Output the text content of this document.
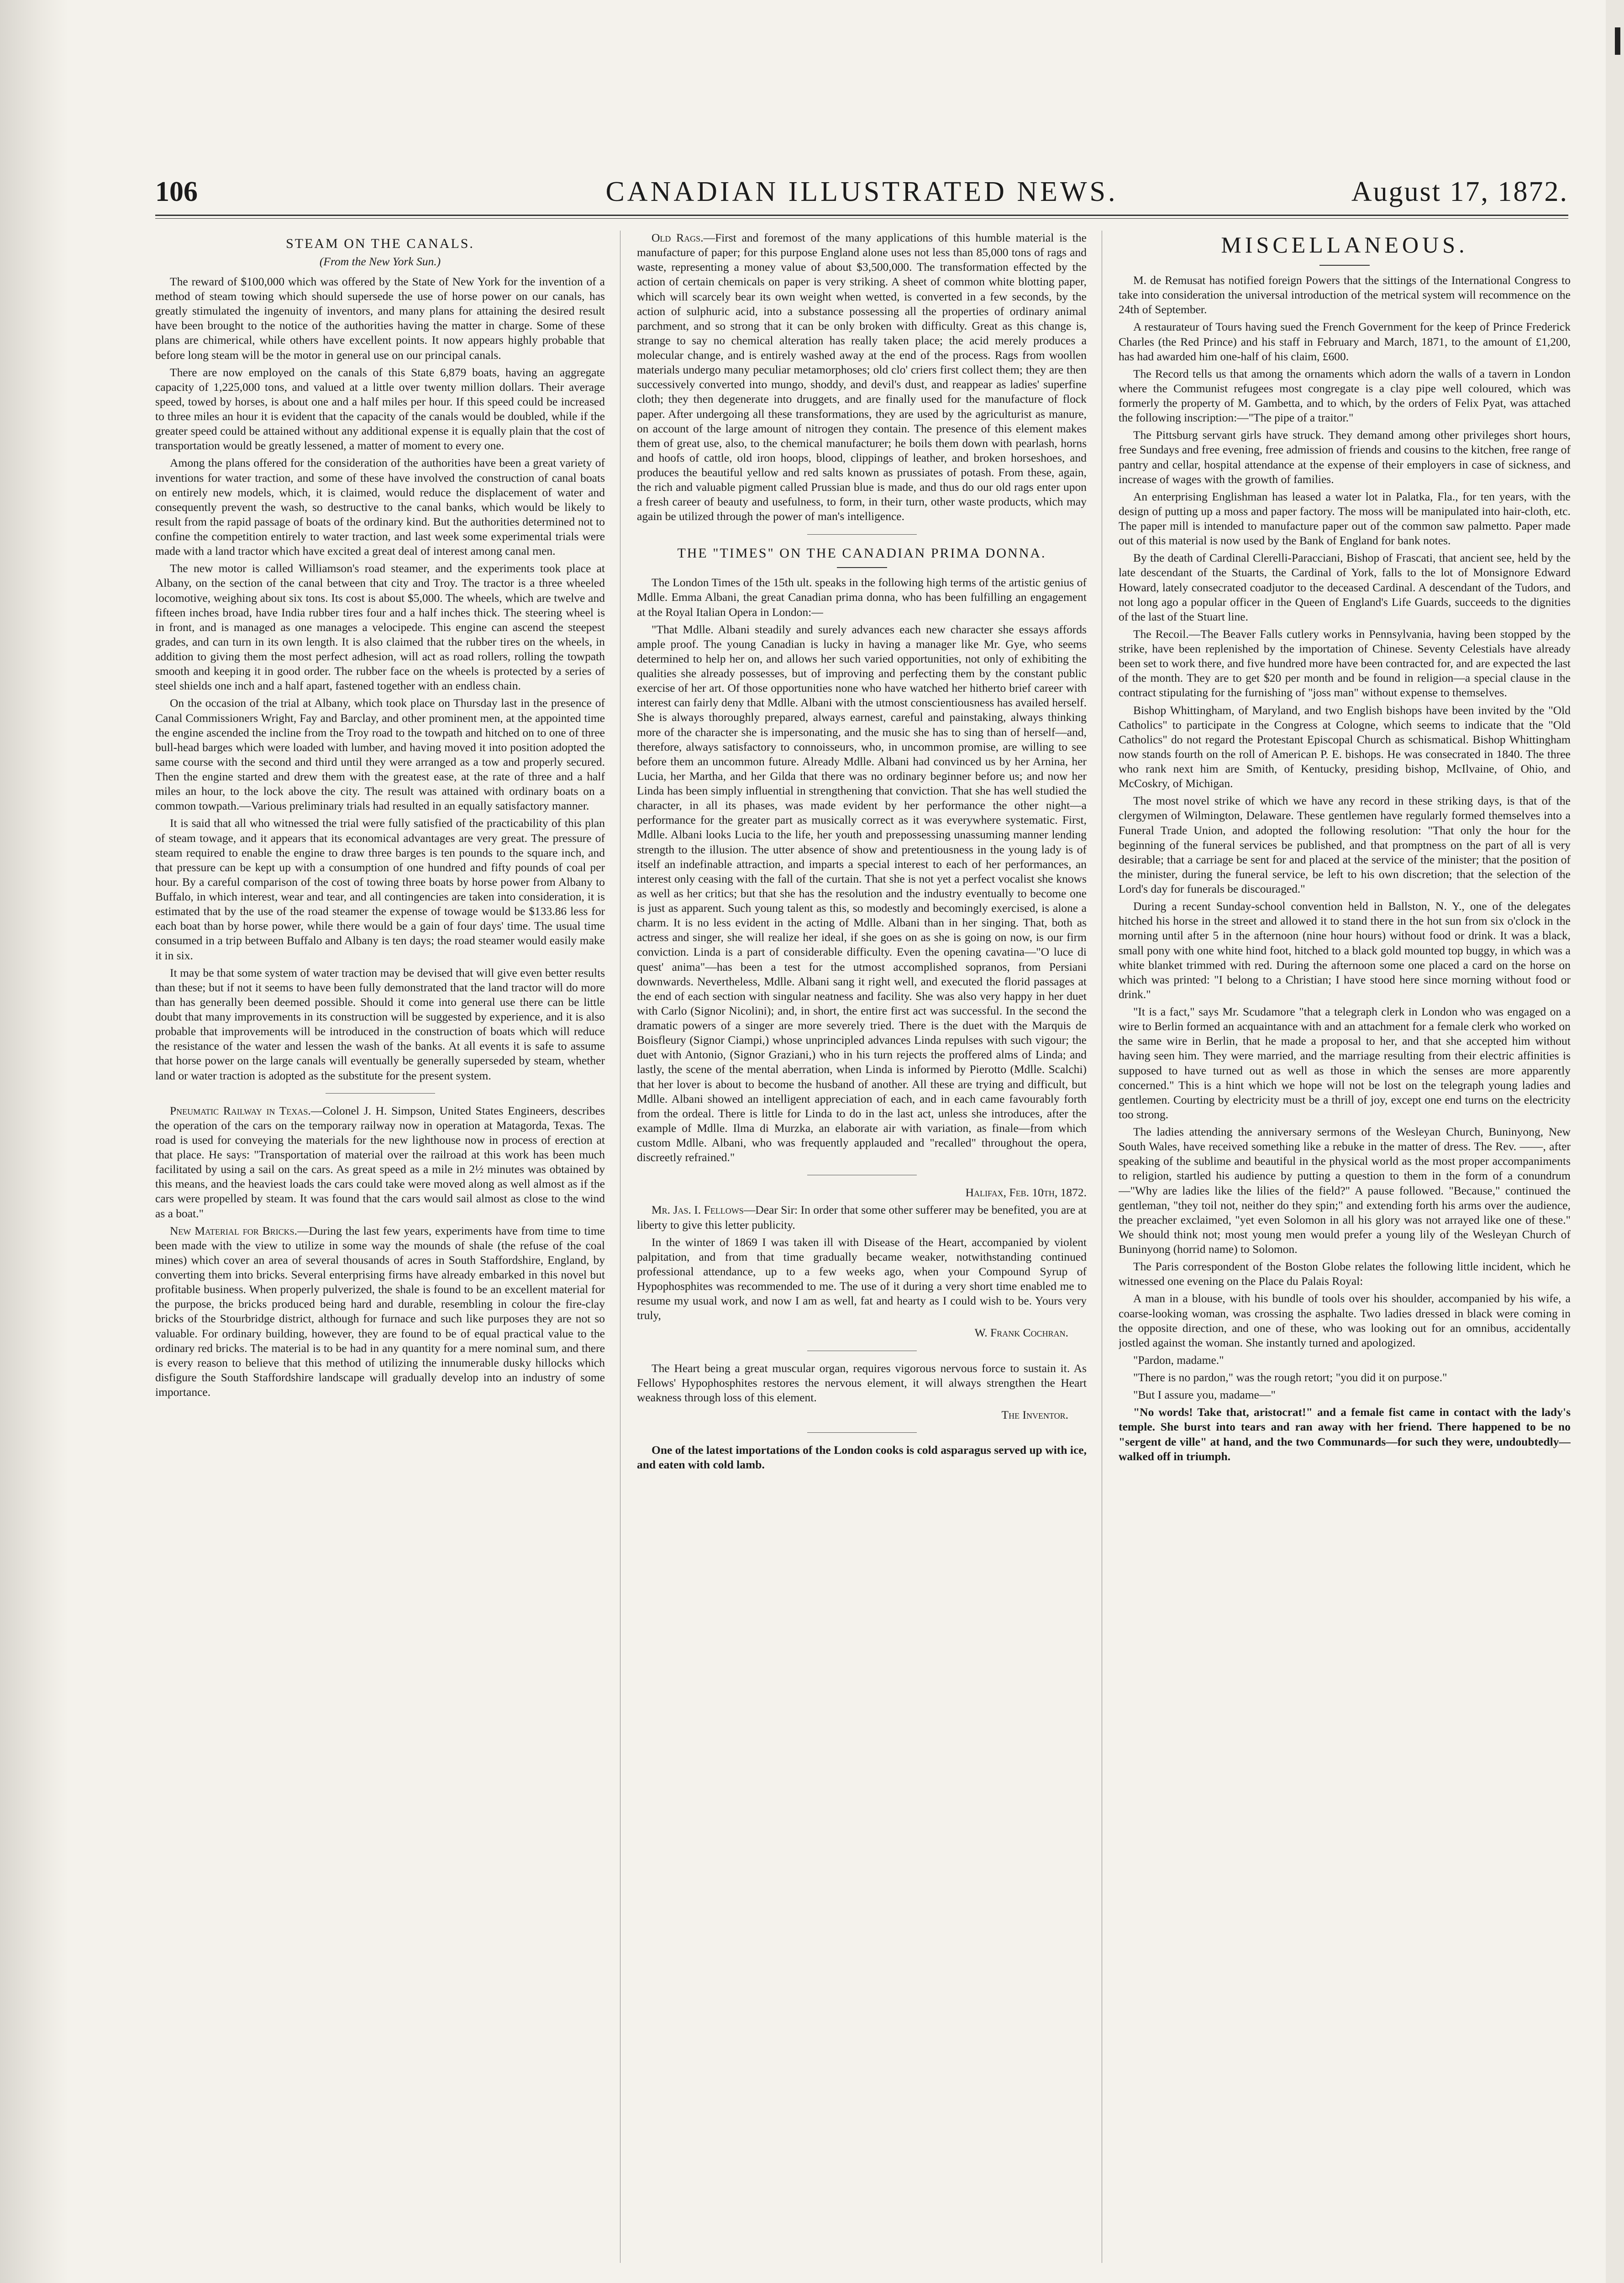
106	CANADIAN ILLUSTRATED NEWS.	August 17, 1872.

STEAM ON THE CANALS.

(From the New York Sun.)

The reward of $100,000 which was offered by the State of New York for the invention of a method of steam towing which should supersede the use of horse power on our canals, has greatly stimulated the ingenuity of inventors, and many plans for attaining the desired result have been brought to the notice of the authorities having the matter in charge. Some of these plans are chimerical, while others have excellent points. It now appears highly probable that before long steam will be the motor in general use on our principal canals.

There are now employed on the canals of this State 6,879 boats, having an aggregate capacity of 1,225,000 tons, and valued at a little over twenty million dollars. Their average speed, towed by horses, is about one and a half miles per hour. If this speed could be increased to three miles an hour it is evident that the capacity of the canals would be doubled, while if the greater speed could be attained without any additional expense it is equally plain that the cost of transportation would be greatly lessened, a matter of moment to every one.

Among the plans offered for the consideration of the authorities have been a great variety of inventions for water traction, and some of these have involved the construction of canal boats on entirely new models, which, it is claimed, would reduce the displacement of water and consequently prevent the wash, so destructive to the canal banks, which would be likely to result from the rapid passage of boats of the ordinary kind. But the authorities determined not to confine the competition entirely to water traction, and last week some experimental trials were made with a land tractor which have excited a great deal of interest among canal men.

The new motor is called Williamson's road steamer, and the experiments took place at Albany, on the section of the canal between that city and Troy. The tractor is a three wheeled locomotive, weighing about six tons. Its cost is about $5,000. The wheels, which are twelve and fifteen inches broad, have India rubber tires four and a half inches thick. The steering wheel is in front, and is managed as one manages a velocipede. This engine can ascend the steepest grades, and can turn in its own length. It is also claimed that the rubber tires on the wheels, in addition to giving them the most perfect adhesion, will act as road rollers, rolling the towpath smooth and keeping it in good order. The rubber face on the wheels is protected by a series of steel shields one inch and a half apart, fastened together with an endless chain.

On the occasion of the trial at Albany, which took place on Thursday last in the presence of Canal Commissioners Wright, Fay and Barclay, and other prominent men, at the appointed time the engine ascended the incline from the Troy road to the towpath and hitched on to one of three bull-head barges which were loaded with lumber, and having moved it into position adopted the same course with the second and third until they were arranged as a tow and properly secured. Then the engine started and drew them with the greatest ease, at the rate of three and a half miles an hour, to the lock above the city. The result was attained with ordinary boats on a common towpath.—Various preliminary trials had resulted in an equally satisfactory manner.

It is said that all who witnessed the trial were fully satisfied of the practicability of this plan of steam towage, and it appears that its economical advantages are very great. The pressure of steam required to enable the engine to draw three barges is ten pounds to the square inch, and that pressure can be kept up with a consumption of one hundred and fifty pounds of coal per hour. By a careful comparison of the cost of towing three boats by horse power from Albany to Buffalo, in which interest, wear and tear, and all contingencies are taken into consideration, it is estimated that by the use of the road steamer the expense of towage would be $133.86 less for each boat than by horse power, while there would be a gain of four days' time. The usual time consumed in a trip between Buffalo and Albany is ten days; the road steamer would easily make it in six.

It may be that some system of water traction may be devised that will give even better results than these; but if not it seems to have been fully demonstrated that the land tractor will do more than has generally been deemed possible. Should it come into general use there can be little doubt that many improvements in its construction will be suggested by experience, and it is also probable that improvements will be introduced in the construction of boats which will reduce the resistance of the water and lessen the wash of the banks. At all events it is safe to assume that horse power on the large canals will eventually be generally superseded by steam, whether land or water traction is adopted as the substitute for the present system.

Pneumatic Railway in Texas.—Colonel J. H. Simpson, United States Engineers, describes the operation of the cars on the temporary railway now in operation at Matagorda, Texas. The road is used for conveying the materials for the new lighthouse now in process of erection at that place. He says: "Transportation of material over the railroad at this work has been much facilitated by using a sail on the cars. As great speed as a mile in 2½ minutes was obtained by this means, and the heaviest loads the cars could take were moved along as well almost as if the cars were propelled by steam. It was found that the cars would sail almost as close to the wind as a boat."

New Material for Bricks.—During the last few years, experiments have from time to time been made with the view to utilize in some way the mounds of shale (the refuse of the coal mines) which cover an area of several thousands of acres in South Staffordshire, England, by converting them into bricks. Several enterprising firms have already embarked in this novel but profitable business. When properly pulverized, the shale is found to be an excellent material for the purpose, the bricks produced being hard and durable, resembling in colour the fire-clay bricks of the Stourbridge district, although for furnace and such like purposes they are not so valuable. For ordinary building, however, they are found to be of equal practical value to the ordinary red bricks. The material is to be had in any quantity for a mere nominal sum, and there is every reason to believe that this method of utilizing the innumerable dusky hillocks which disfigure the South Staffordshire landscape will gradually develop into an industry of some importance.

Old Rags.—First and foremost of the many applications of this humble material is the manufacture of paper; for this purpose England alone uses not less than 85,000 tons of rags and waste, representing a money value of about $3,500,000. The transformation effected by the action of certain chemicals on paper is very striking. A sheet of common white blotting paper, which will scarcely bear its own weight when wetted, is converted in a few seconds, by the action of sulphuric acid, into a substance possessing all the properties of ordinary animal parchment, and so strong that it can be only broken with difficulty. Great as this change is, strange to say no chemical alteration has really taken place; the acid merely produces a molecular change, and is entirely washed away at the end of the process. Rags from woollen materials undergo many peculiar metamorphoses; old clo' criers first collect them; they are then successively converted into mungo, shoddy, and devil's dust, and reappear as ladies' superfine cloth; they then degenerate into druggets, and are finally used for the manufacture of flock paper. After undergoing all these transformations, they are used by the agriculturist as manure, on account of the large amount of nitrogen they contain. The presence of this element makes them of great use, also, to the chemical manufacturer; he boils them down with pearlash, horns and hoofs of cattle, old iron hoops, blood, clippings of leather, and broken horseshoes, and produces the beautiful yellow and red salts known as prussiates of potash. From these, again, the rich and valuable pigment called Prussian blue is made, and thus do our old rags enter upon a fresh career of beauty and usefulness, to form, in their turn, other waste products, which may again be utilized through the power of man's intelligence.

THE "TIMES" ON THE CANADIAN PRIMA DONNA.

The London Times of the 15th ult. speaks in the following high terms of the artistic genius of Mdlle. Emma Albani, the great Canadian prima donna, who has been fulfilling an engagement at the Royal Italian Opera in London:—

"That Mdlle. Albani steadily and surely advances each new character she essays affords ample proof. The young Canadian is lucky in having a manager like Mr. Gye, who seems determined to help her on, and allows her such varied opportunities, not only of exhibiting the qualities she already possesses, but of improving and perfecting them by the constant public exercise of her art. Of those opportunities none who have watched her hitherto brief career with interest can fairly deny that Mdlle. Albani with the utmost conscientiousness has availed herself. She is always thoroughly prepared, always earnest, careful and painstaking, always thinking more of the character she is impersonating, and the music she has to sing than of herself—and, therefore, always satisfactory to connoisseurs, who, in uncommon promise, are willing to see before them an uncommon future. Already Mdlle. Albani had convinced us by her Arnina, her Lucia, her Martha, and her Gilda that there was no ordinary beginner before us; and now her Linda has been simply influential in strengthening that conviction. That she has well studied the character, in all its phases, was made evident by her performance the other night—a performance for the greater part as musically correct as it was everywhere systematic. First, Mdlle. Albani looks Lucia to the life, her youth and prepossessing unassuming manner lending strength to the illusion. The utter absence of show and pretentiousness in the young lady is of itself an indefinable attraction, and imparts a special interest to each of her performances, an interest only ceasing with the fall of the curtain. That she is not yet a perfect vocalist she knows as well as her critics; but that she has the resolution and the industry eventually to become one is just as apparent. Such young talent as this, so modestly and becomingly exercised, is alone a charm. It is no less evident in the acting of Mdlle. Albani than in her singing. That, both as actress and singer, she will realize her ideal, if she goes on as she is going on now, is our firm conviction. Linda is a part of considerable difficulty. Even the opening cavatina—"O luce di quest' anima"—has been a test for the utmost accomplished sopranos, from Persiani downwards. Nevertheless, Mdlle. Albani sang it right well, and executed the florid passages at the end of each section with singular neatness and facility. She was also very happy in her duet with Carlo (Signor Nicolini); and, in short, the entire first act was successful. In the second the dramatic powers of a singer are more severely tried. There is the duet with the Marquis de Boisfleury (Signor Ciampi,) whose unprincipled advances Linda repulses with such vigour; the duet with Antonio, (Signor Graziani,) who in his turn rejects the proffered alms of Linda; and lastly, the scene of the mental aberration, when Linda is informed by Pierotto (Mdlle. Scalchi) that her lover is about to become the husband of another. All these are trying and difficult, but Mdlle. Albani showed an intelligent appreciation of each, and in each came favourably forth from the ordeal. There is little for Linda to do in the last act, unless she introduces, after the example of Mdlle. Ilma di Murzka, an elaborate air with variation, as finale—from which custom Mdlle. Albani, who was frequently applauded and "recalled" throughout the opera, discreetly refrained."

Halifax, Feb. 10th, 1872.

Mr. Jas. I. Fellows—Dear Sir: In order that some other sufferer may be benefited, you are at liberty to give this letter publicity.

In the winter of 1869 I was taken ill with Disease of the Heart, accompanied by violent palpitation, and from that time gradually became weaker, notwithstanding continued professional attendance, up to a few weeks ago, when your Compound Syrup of Hypophosphites was recommended to me. The use of it during a very short time enabled me to resume my usual work, and now I am as well, fat and hearty as I could wish to be. Yours very truly,

W. Frank Cochran.

The Heart being a great muscular organ, requires vigorous nervous force to sustain it. As Fellows' Hypophosphites restores the nervous element, it will always strengthen the Heart weakness through loss of this element.

The Inventor.

One of the latest importations of the London cooks is cold asparagus served up with ice, and eaten with cold lamb.

MISCELLANEOUS.

M. de Remusat has notified foreign Powers that the sittings of the International Congress to take into consideration the universal introduction of the metrical system will recommence on the 24th of September.

A restaurateur of Tours having sued the French Government for the keep of Prince Frederick Charles (the Red Prince) and his staff in February and March, 1871, to the amount of £1,200, has had awarded him one-half of his claim, £600.

The Record tells us that among the ornaments which adorn the walls of a tavern in London where the Communist refugees most congregate is a clay pipe well coloured, which was formerly the property of M. Gambetta, and to which, by the orders of Felix Pyat, was attached the following inscription:—"The pipe of a traitor."

The Pittsburg servant girls have struck. They demand among other privileges short hours, free Sundays and free evening, free admission of friends and cousins to the kitchen, free range of pantry and cellar, hospital attendance at the expense of their employers in case of sickness, and increase of wages with the growth of families.

An enterprising Englishman has leased a water lot in Palatka, Fla., for ten years, with the design of putting up a moss and paper factory. The moss will be manipulated into hair-cloth, etc. The paper mill is intended to manufacture paper out of the common saw palmetto. Paper made out of this material is now used by the Bank of England for bank notes.

By the death of Cardinal Clerelli-Paracciani, Bishop of Frascati, that ancient see, held by the late descendant of the Stuarts, the Cardinal of York, falls to the lot of Monsignore Edward Howard, lately consecrated coadjutor to the deceased Cardinal. A descendant of the Tudors, and not long ago a popular officer in the Queen of England's Life Guards, succeeds to the dignities of the last of the Stuart line.

The Recoil.—The Beaver Falls cutlery works in Pennsylvania, having been stopped by the strike, have been replenished by the importation of Chinese. Seventy Celestials have already been set to work there, and five hundred more have been contracted for, and are expected the last of the month. They are to get $20 per month and be found in religion—a special clause in the contract stipulating for the furnishing of "joss man" without expense to themselves.

Bishop Whittingham, of Maryland, and two English bishops have been invited by the "Old Catholics" to participate in the Congress at Cologne, which seems to indicate that the "Old Catholics" do not regard the Protestant Episcopal Church as schismatical. Bishop Whittingham now stands fourth on the roll of American P. E. bishops. He was consecrated in 1840. The three who rank next him are Smith, of Kentucky, presiding bishop, McIlvaine, of Ohio, and McCoskry, of Michigan.

The most novel strike of which we have any record in these striking days, is that of the clergymen of Wilmington, Delaware. These gentlemen have regularly formed themselves into a Funeral Trade Union, and adopted the following resolution: "That only the hour for the beginning of the funeral services be published, and that promptness on the part of all is very desirable; that a carriage be sent for and placed at the service of the minister; that the position of the minister, during the funeral service, be left to his own discretion; that the selection of the Lord's day for funerals be discouraged."

During a recent Sunday-school convention held in Ballston, N. Y., one of the delegates hitched his horse in the street and allowed it to stand there in the hot sun from six o'clock in the morning until after 5 in the afternoon (nine hour hours) without food or drink. It was a black, small pony with one white hind foot, hitched to a black gold mounted top buggy, in which was a white blanket trimmed with red. During the afternoon some one placed a card on the horse on which was printed: "I belong to a Christian; I have stood here since morning without food or drink."

"It is a fact," says Mr. Scudamore "that a telegraph clerk in London who was engaged on a wire to Berlin formed an acquaintance with and an attachment for a female clerk who worked on the same wire in Berlin, that he made a proposal to her, and that she accepted him without having seen him. They were married, and the marriage resulting from their electric affinities is supposed to have turned out as well as those in which the senses are more apparently concerned." This is a hint which we hope will not be lost on the telegraph young ladies and gentlemen. Courting by electricity must be a thrill of joy, except one end turns on the electricity too strong.

The ladies attending the anniversary sermons of the Wesleyan Church, Buninyong, New South Wales, have received something like a rebuke in the matter of dress. The Rev. ——, after speaking of the sublime and beautiful in the physical world as the most proper accompaniments to religion, startled his audience by putting a question to them in the form of a conundrum—"Why are ladies like the lilies of the field?" A pause followed. "Because," continued the gentleman, "they toil not, neither do they spin;" and extending forth his arms over the audience, the preacher exclaimed, "yet even Solomon in all his glory was not arrayed like one of these." We should think not; most young men would prefer a young lily of the Wesleyan Church of Buninyong (horrid name) to Solomon.

The Paris correspondent of the Boston Globe relates the following little incident, which he witnessed one evening on the Place du Palais Royal:

A man in a blouse, with his bundle of tools over his shoulder, accompanied by his wife, a coarse-looking woman, was crossing the asphalte. Two ladies dressed in black were coming in the opposite direction, and one of these, who was looking out for an omnibus, accidentally jostled against the woman. She instantly turned and apologized.

"Pardon, madame."

"There is no pardon," was the rough retort; "you did it on purpose."

"But I assure you, madame—"

"No words! Take that, aristocrat!" and a female fist came in contact with the lady's temple. She burst into tears and ran away with her friend. There happened to be no "sergent de ville" at hand, and the two Communards—for such they were, undoubtedly—walked off in triumph.
